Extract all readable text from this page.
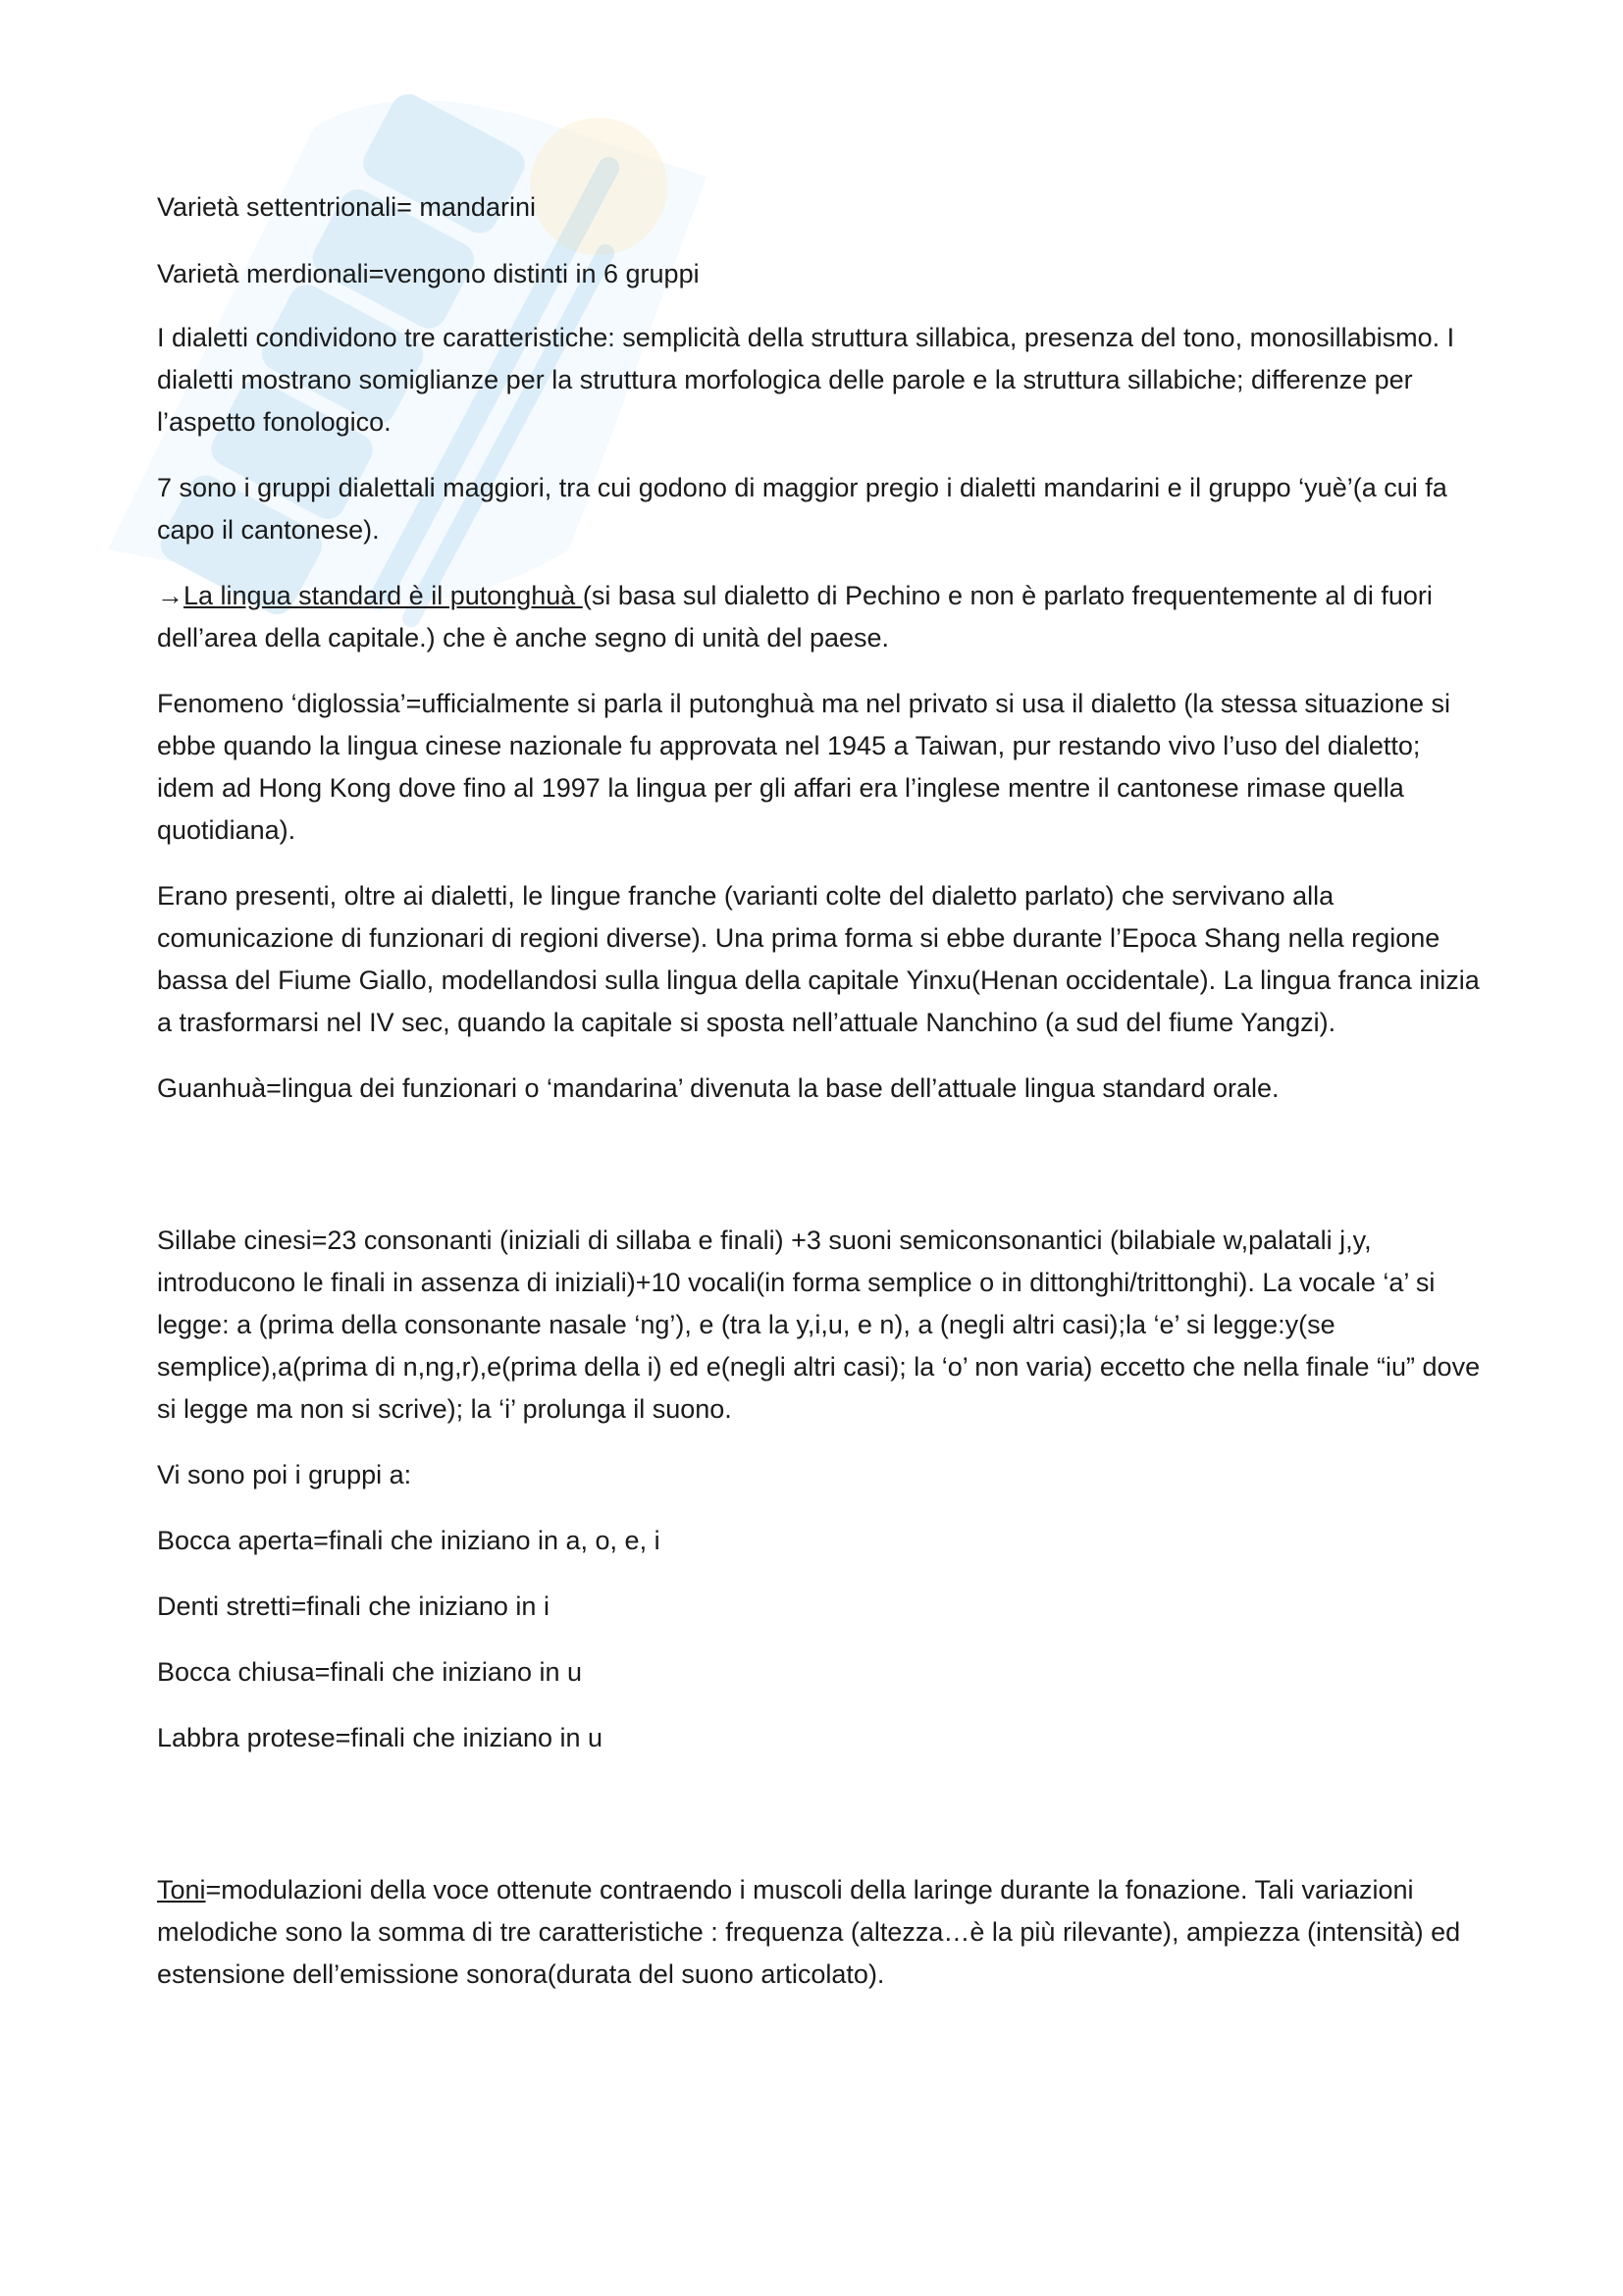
Varietà settentrionali= mandarini

Varietà merdionali=vengono distinti in 6 gruppi

I dialetti condividono tre caratteristiche: semplicità della struttura sillabica, presenza del tono, monosillabismo. I dialetti mostrano somiglianze per la struttura morfologica delle parole e la struttura sillabiche; differenze per l’aspetto fonologico.

7 sono i gruppi dialettali maggiori, tra cui godono di maggior pregio i dialetti mandarini e il gruppo ‘yuè’(a cui fa capo il cantonese).

→La lingua standard è il putonghuà (si basa sul dialetto di Pechino e non è parlato frequentemente al di fuori dell’area della capitale.) che è anche segno di unità del paese.

Fenomeno ‘diglossia’=ufficialmente si parla il putonghuà ma nel privato si usa il dialetto (la stessa situazione si ebbe quando la lingua cinese nazionale fu approvata nel 1945 a Taiwan, pur restando vivo l’uso del dialetto; idem ad Hong Kong dove fino al 1997 la lingua per gli affari era l’inglese mentre il cantonese rimase quella quotidiana).

Erano presenti, oltre ai dialetti, le lingue franche (varianti colte del dialetto parlato) che servivano alla comunicazione di funzionari di regioni diverse). Una prima forma si ebbe durante l’Epoca Shang nella regione bassa del Fiume Giallo, modellandosi sulla lingua della capitale Yinxu(Henan occidentale). La lingua franca inizia a trasformarsi nel IV sec, quando la capitale si sposta nell’attuale Nanchino (a sud del fiume Yangzi).

Guanhuà=lingua dei funzionari o ‘mandarina’ divenuta la base dell’attuale lingua standard orale.

Sillabe cinesi=23 consonanti (iniziali di sillaba e finali) +3 suoni semiconsonantici (bilabiale w,palatali j,y, introducono le finali in assenza di iniziali)+10 vocali(in forma semplice o in dittonghi/trittonghi). La vocale ‘a’ si legge: a (prima della consonante nasale ‘ng’), e (tra la y,i,u, e n), a (negli altri casi);la ‘e’ si legge:y(se semplice),a(prima di n,ng,r),e(prima della i) ed e(negli altri casi); la ‘o’ non varia) eccetto che nella finale “iu” dove si legge ma non si scrive); la ‘i’ prolunga il suono.

Vi sono poi i gruppi a:

Bocca aperta=finali che iniziano in a, o, e, i

Denti stretti=finali che iniziano in i

Bocca chiusa=finali che iniziano in u

Labbra protese=finali che iniziano in u

Toni=modulazioni della voce ottenute contraendo i muscoli della laringe durante la fonazione. Tali variazioni melodiche sono la somma di tre caratteristiche : frequenza (altezza…è la più rilevante), ampiezza (intensità) ed estensione dell’emissione sonora(durata del suono articolato).
